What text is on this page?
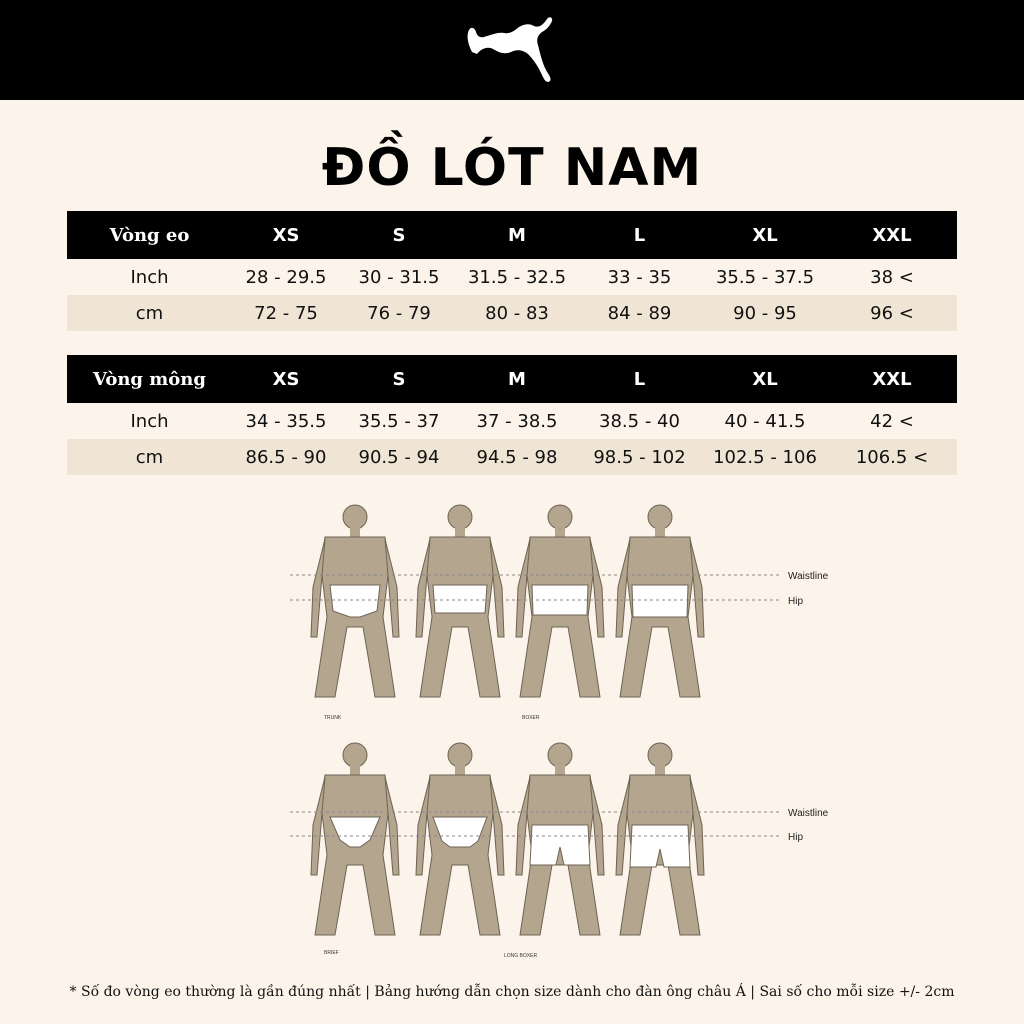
ĐỒ LÓT NAM
Vòng eo	XS	S	M	L	XL	XXL
Inch	28 - 29.5	30 - 31.5	31.5 - 32.5	33 - 35	35.5 - 37.5	38 <
cm	72 - 75	76 - 79	80 - 83	84 - 89	90 - 95	96 <
Vòng mông	XS	S	M	L	XL	XXL
Inch	34 - 35.5	35.5 - 37	37 - 38.5	38.5 - 40	40 - 41.5	42 <
cm	86.5 - 90	90.5 - 94	94.5 - 98	98.5 - 102	102.5 - 106	106.5 <
Waistline
Hip
TRUNK	BOXER
Waistline
Hip
BRIEF	LONG BOXER
* Số đo vòng eo thường là gần đúng nhất | Bảng hướng dẫn chọn size dành cho đàn ông châu Á | Sai số cho mỗi size +/- 2cm
